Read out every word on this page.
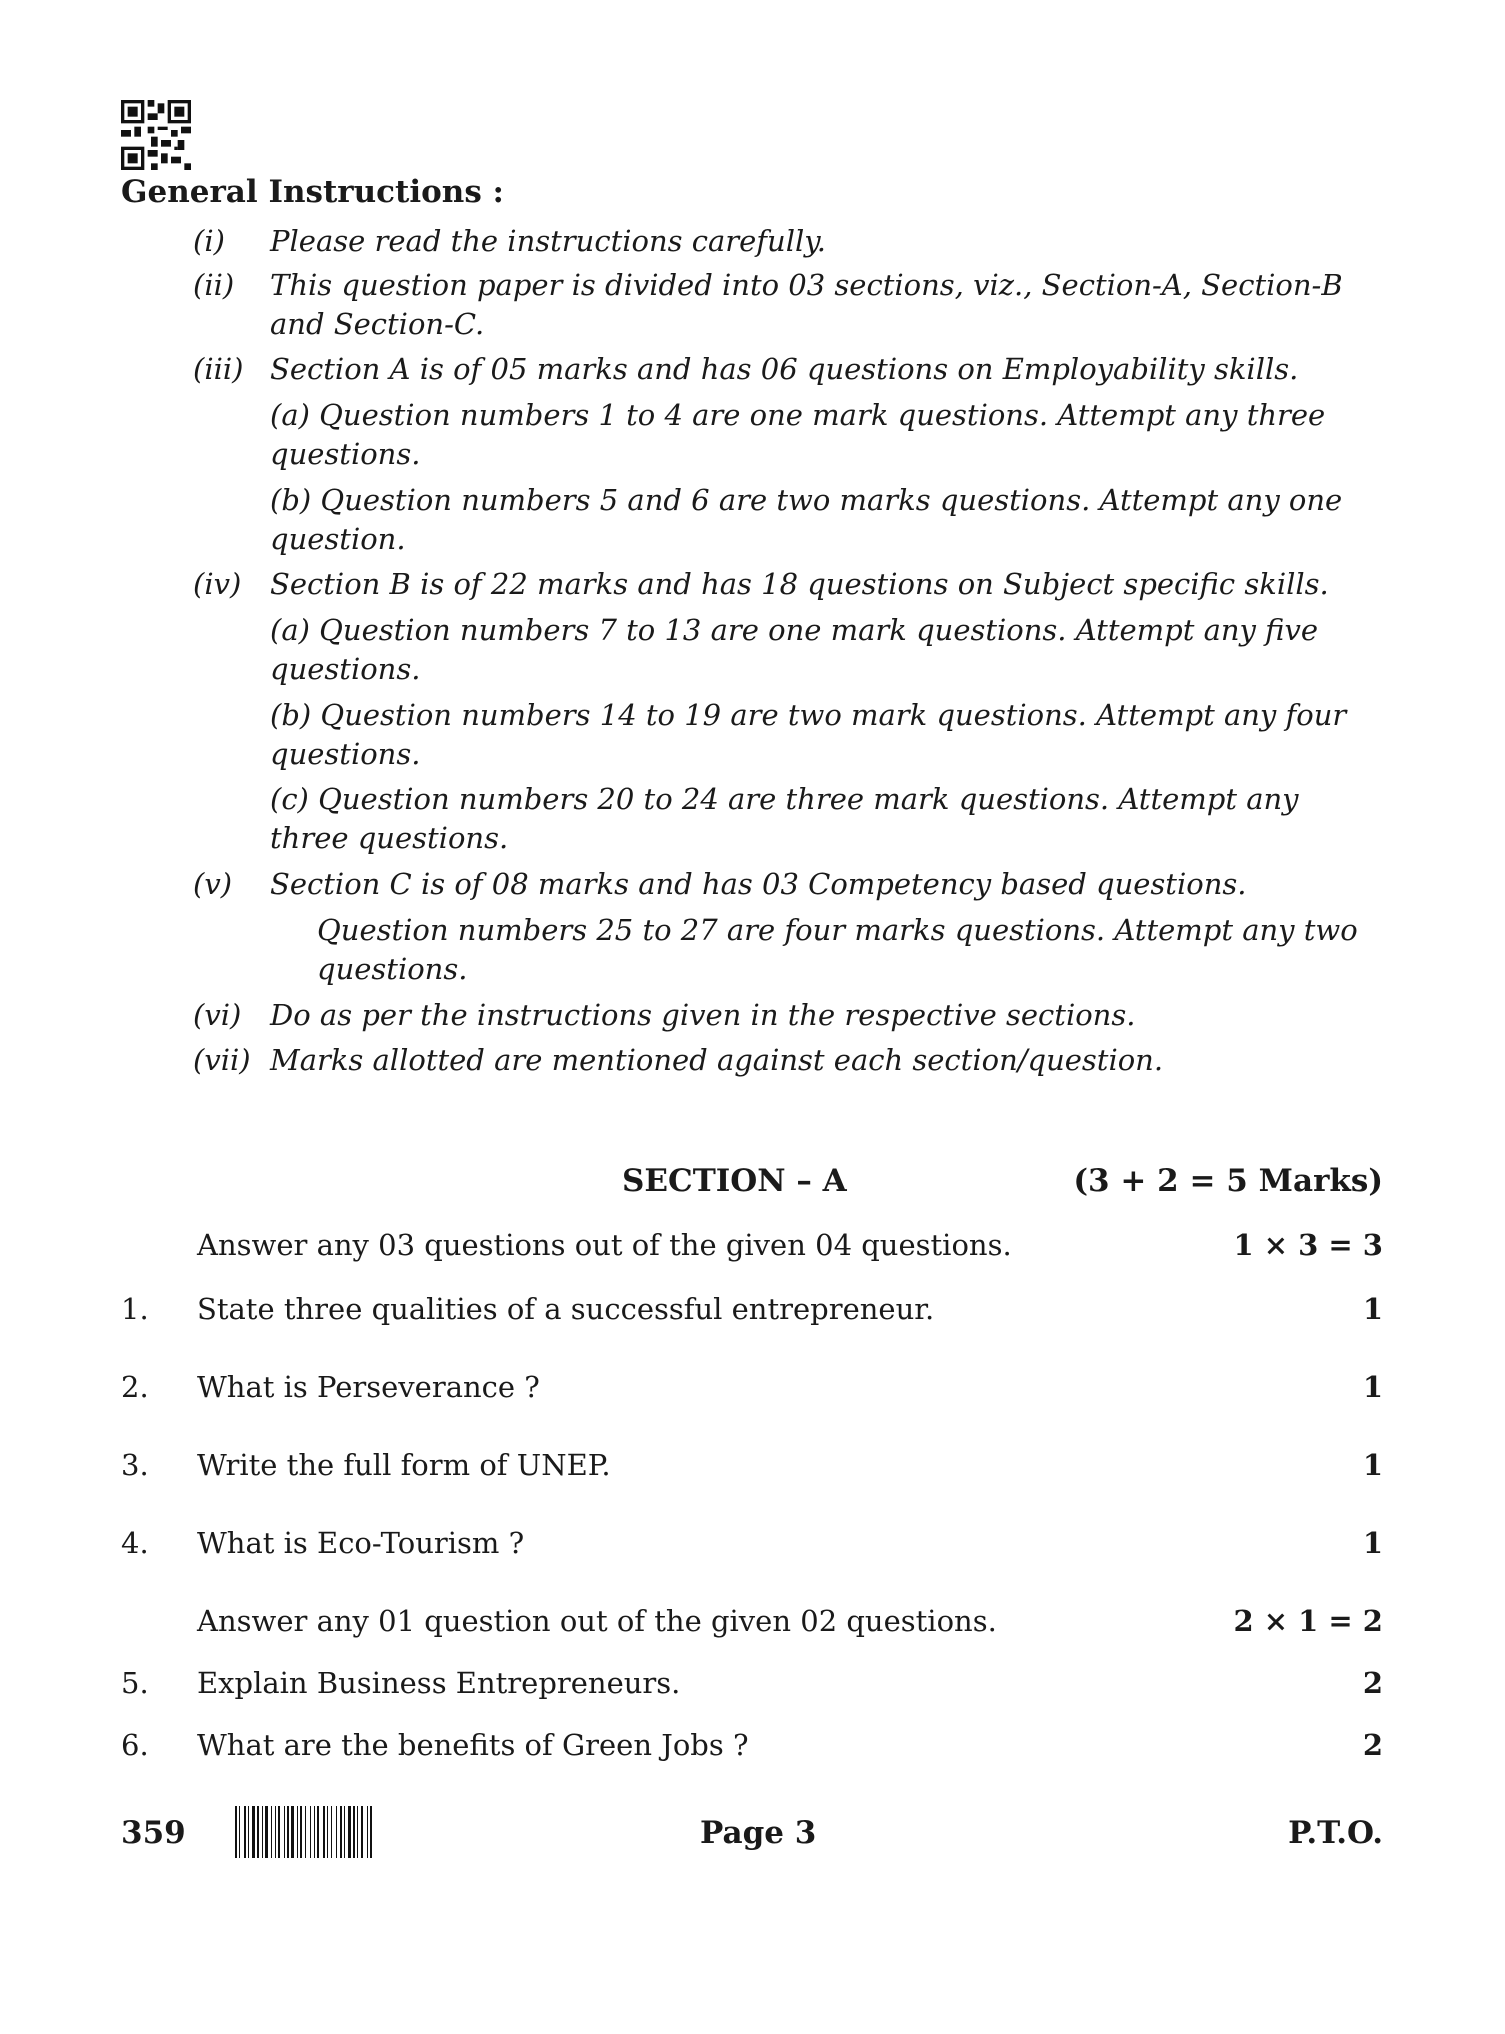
General Instructions :
(i) Please read the instructions carefully.
(ii) This question paper is divided into 03 sections, viz., Section-A, Section-B and Section-C.
(iii) Section A is of 05 marks and has 06 questions on Employability skills.
(a) Question numbers 1 to 4 are one mark questions. Attempt any three questions.
(b) Question numbers 5 and 6 are two marks questions. Attempt any one question.
(iv) Section B is of 22 marks and has 18 questions on Subject specific skills.
(a) Question numbers 7 to 13 are one mark questions. Attempt any five questions.
(b) Question numbers 14 to 19 are two mark questions. Attempt any four questions.
(c) Question numbers 20 to 24 are three mark questions. Attempt any three questions.
(v) Section C is of 08 marks and has 03 Competency based questions.
Question numbers 25 to 27 are four marks questions. Attempt any two questions.
(vi) Do as per the instructions given in the respective sections.
(vii) Marks allotted are mentioned against each section/question.
SECTION – A	(3 + 2 = 5 Marks)
Answer any 03 questions out of the given 04 questions.	1 × 3 = 3
1. State three qualities of a successful entrepreneur.	1
2. What is Perseverance ?	1
3. Write the full form of UNEP.	1
4. What is Eco-Tourism ?	1
Answer any 01 question out of the given 02 questions.	2 × 1 = 2
5. Explain Business Entrepreneurs.	2
6. What are the benefits of Green Jobs ?	2
359	Page 3	P.T.O.
